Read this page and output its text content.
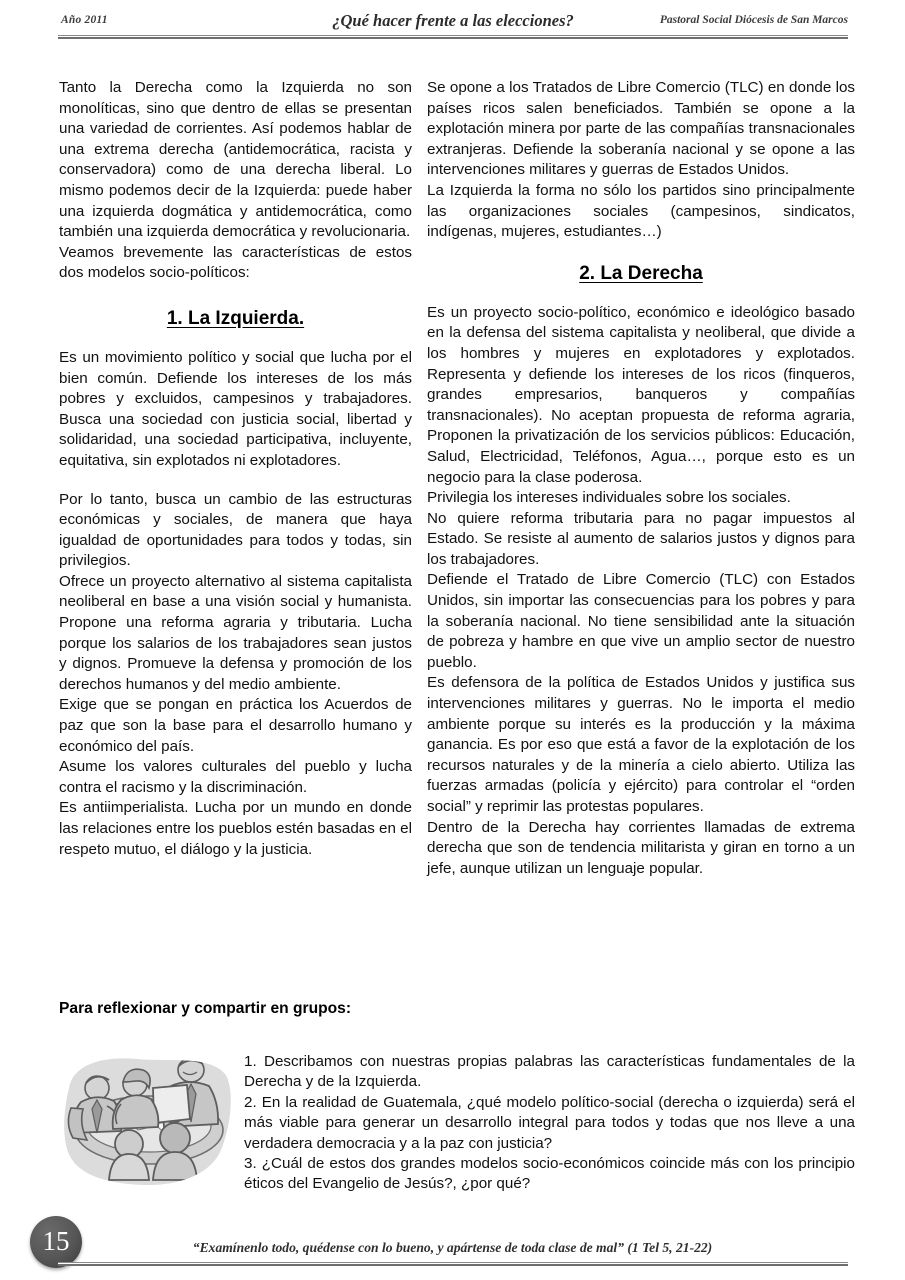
Año 2011	¿Qué hacer frente a las elecciones?	Pastoral Social Diócesis de San Marcos

Tanto la Derecha como la Izquierda no son monolíticas, sino que dentro de ellas se presentan una variedad de corrientes. Así podemos hablar de una extrema derecha (antidemocrática, racista y conservadora) como de una derecha liberal. Lo mismo podemos decir de la Izquierda: puede haber una izquierda dogmática y antidemocrática, como también una izquierda democrática y revolucionaria.

Veamos brevemente las características de estos dos modelos socio-políticos:

1. La Izquierda.

Es un movimiento político y social que lucha por el bien común. Defiende los intereses de los más pobres y excluidos, campesinos y trabajadores. Busca una sociedad con justicia social, libertad y solidaridad, una sociedad participativa, incluyente, equitativa, sin explotados ni explotadores.

Por lo tanto, busca un cambio de las estructuras económicas y sociales, de manera que haya igualdad de oportunidades para todos y todas, sin privilegios.

Ofrece un proyecto alternativo al sistema capitalista neoliberal en base a una visión social y humanista. Propone una reforma agraria y tributaria. Lucha porque los salarios de los trabajadores sean justos y dignos. Promueve la defensa y promoción de los derechos humanos y del medio ambiente.

Exige que se pongan en práctica los Acuerdos de paz que son la base para el desarrollo humano y económico del país.

Asume los valores culturales del pueblo y lucha contra el racismo y la discriminación.

Es antiimperialista. Lucha por un mundo en donde las relaciones entre los pueblos estén basadas en el respeto mutuo, el diálogo y la justicia.

Se opone a los Tratados de Libre Comercio (TLC) en donde los países ricos salen beneficiados. También se opone a la explotación minera por parte de las compañías transnacionales extranjeras. Defiende la soberanía nacional y se opone a las intervenciones militares y guerras de Estados Unidos.

La Izquierda la forma no sólo los partidos sino principalmente las organizaciones sociales (campesinos, sindicatos, indígenas, mujeres, estudiantes…)

2. La Derecha

Es un proyecto socio-político, económico e ideológico basado en la defensa del sistema capitalista y neoliberal, que divide a los hombres y mujeres en explotadores y explotados. Representa y defiende los intereses de los ricos (finqueros, grandes empresarios, banqueros y compañías transnacionales). No aceptan propuesta de reforma agraria, Proponen la privatización de los servicios públicos: Educación, Salud, Electricidad, Teléfonos, Agua…, porque esto es un negocio para la clase poderosa.

Privilegia los intereses individuales sobre los sociales.

No quiere reforma tributaria para no pagar impuestos al Estado. Se resiste al aumento de salarios justos y dignos para los trabajadores.

Defiende el Tratado de Libre Comercio (TLC) con Estados Unidos, sin importar las consecuencias para los pobres y para la soberanía nacional. No tiene sensibilidad ante la situación de pobreza y hambre en que vive un amplio sector de nuestro pueblo.

Es defensora de la política de Estados Unidos y justifica sus intervenciones militares y guerras. No le importa el medio ambiente porque su interés es la producción y la máxima ganancia. Es por eso que está a favor de la explotación de los recursos naturales y de la minería a cielo abierto. Utiliza las fuerzas armadas (policía y ejército) para controlar el “orden social” y reprimir las protestas populares.

Dentro de la Derecha hay corrientes llamadas de extrema derecha que son de tendencia militarista y giran en torno a un jefe, aunque utilizan un lenguaje popular.

Para reflexionar y compartir en grupos:

1. Describamos con nuestras propias palabras las características fundamentales de la Derecha y de la Izquierda.

2. En la realidad de Guatemala, ¿qué modelo político-social (derecha o izquierda) será el más viable para generar un desarrollo integral para todos y todas que nos lleve a una verdadera democracia y a la paz con justicia?

3. ¿Cuál de estos dos grandes modelos socio-económicos coincide más con los principio éticos del Evangelio de Jesús?, ¿por qué?

15	“Examínenlo todo, quédense con lo bueno, y apártense de toda clase de mal” (1 Tel 5, 21-22)
